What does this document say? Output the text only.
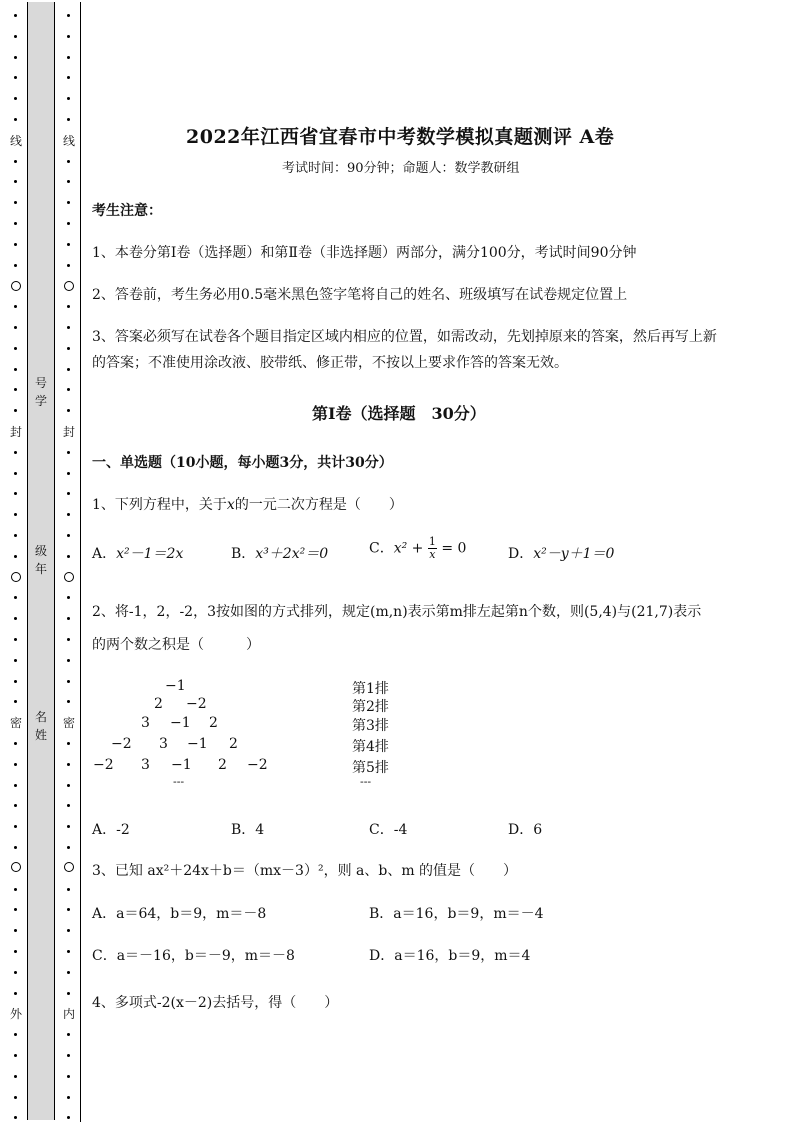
线
封
密
外
线
封
密
内
号
学
级
年
名
姓
2022年江西省宜春市中考数学模拟真题测评 A卷
考试时间：90分钟；命题人：数学教研组
考生注意：
1、本卷分第I卷（选择题）和第Ⅱ卷（非选择题）两部分，满分100分，考试时间90分钟
2、答卷前，考生务必用0.5毫米黑色签字笔将自己的姓名、班级填写在试卷规定位置上
3、答案必须写在试卷各个题目指定区域内相应的位置，如需改动，先划掉原来的答案，然后再写上新
的答案；不准使用涂改液、胶带纸、修正带，不按以上要求作答的答案无效。
第I卷（选择题　30分）
一、单选题（10小题，每小题3分，共计30分）
1、下列方程中，关于x的一元二次方程是（　　）
A．x²－1＝2x	B．x³＋2x²＝0	C．$x^2 + \frac{1}{x} = 0$	D．x²－y＋1＝0
2、将-1，2，-2，3按如图的方式排列，规定(m,n)表示第m排左起第n个数，则(5,4)与(21,7)表示
的两个数之积是（　　　）
−1
2 −2
3 −1 2
−2 3 −1 2
−2 3 −1 2 −2
---
第1排
第2排
第3排
第4排
第5排
---
A．-2	B．4	C．-4	D．6
3、已知 ax²＋24x＋b＝（mx－3）²，则 a、b、m 的值是（　　）
A．a＝64，b＝9，m＝－8	B．a＝16，b＝9，m＝－4
C．a＝－16，b＝－9，m＝－8	D．a＝16，b＝9，m＝4
4、多项式-2(x－2)去括号，得（　　）
